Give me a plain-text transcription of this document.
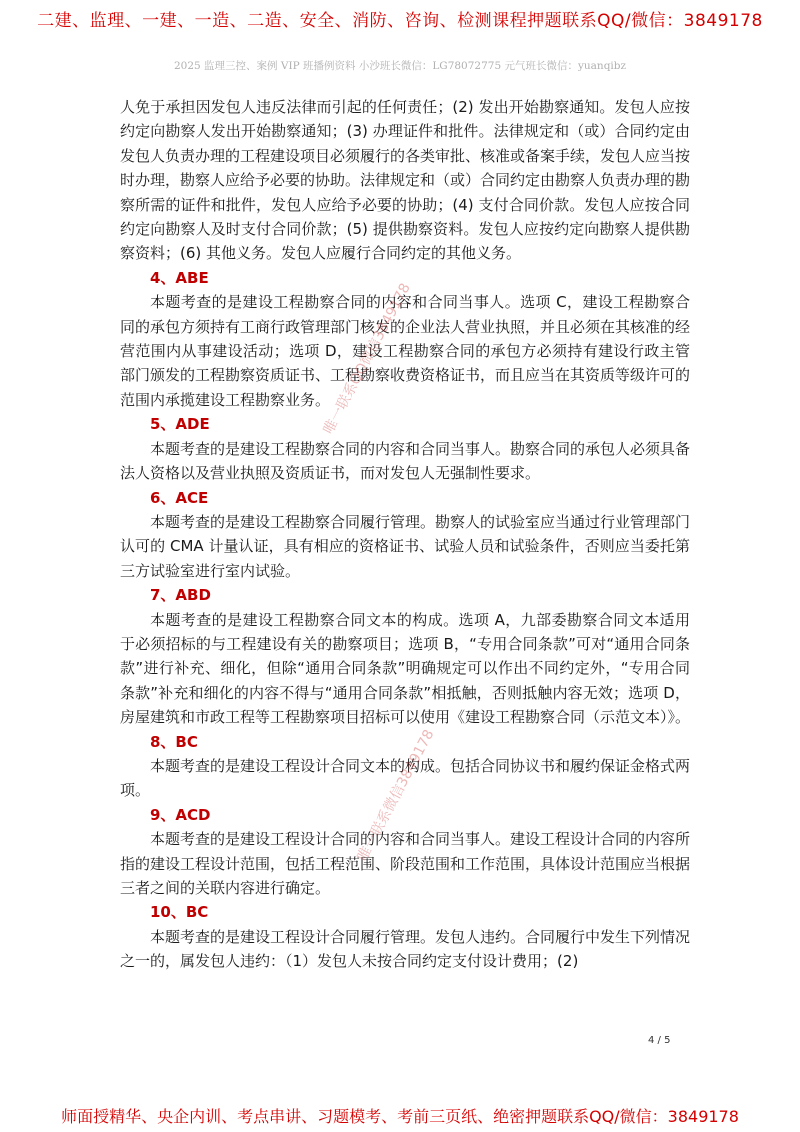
二建、监理、一建、一造、二造、安全、消防、咨询、检测课程押题联系QQ/微信：3849178
2025 监理三控、案例 VIP 班播例资料 小沙班长微信：LG78072775 元气班长微信：yuanqibz

人免于承担因发包人违反法律而引起的任何责任；(2) 发出开始勘察通知。发包人应按约定向勘察人发出开始勘察通知；(3) 办理证件和批件。法律规定和（或）合同约定由发包人负责办理的工程建设项目必须履行的各类审批、核准或备案手续，发包人应当按时办理，勘察人应给予必要的协助。法律规定和（或）合同约定由勘察人负责办理的勘察所需的证件和批件，发包人应给予必要的协助；(4) 支付合同价款。发包人应按合同约定向勘察人及时支付合同价款；(5) 提供勘察资料。发包人应按约定向勘察人提供勘察资料；(6) 其他义务。发包人应履行合同约定的其他义务。

4、ABE

本题考查的是建设工程勘察合同的内容和合同当事人。选项 C，建设工程勘察合同的承包方须持有工商行政管理部门核发的企业法人营业执照，并且必须在其核准的经营范围内从事建设活动；选项 D，建设工程勘察合同的承包方必须持有建设行政主管部门颁发的工程勘察资质证书、工程勘察收费资格证书，而且应当在其资质等级许可的范围内承揽建设工程勘察业务。

5、ADE

本题考查的是建设工程勘察合同的内容和合同当事人。勘察合同的承包人必须具备法人资格以及营业执照及资质证书，而对发包人无强制性要求。

6、ACE

本题考查的是建设工程勘察合同履行管理。勘察人的试验室应当通过行业管理部门认可的 CMA 计量认证，具有相应的资格证书、试验人员和试验条件，否则应当委托第三方试验室进行室内试验。

7、ABD

本题考查的是建设工程勘察合同文本的构成。选项 A，九部委勘察合同文本适用于必须招标的与工程建设有关的勘察项目；选项 B，“专用合同条款”可对“通用合同条款”进行补充、细化，但除“通用合同条款”明确规定可以作出不同约定外，“专用合同条款”补充和细化的内容不得与“通用合同条款”相抵触，否则抵触内容无效；选项 D，房屋建筑和市政工程等工程勘察项目招标可以使用《建设工程勘察合同（示范文本）》。

8、BC

本题考查的是建设工程设计合同文本的构成。包括合同协议书和履约保证金格式两项。

9、ACD

本题考查的是建设工程设计合同的内容和合同当事人。建设工程设计合同的内容所指的建设工程设计范围，包括工程范围、阶段范围和工作范围，具体设计范围应当根据三者之间的关联内容进行确定。

10、BC

本题考查的是建设工程设计合同履行管理。发包人违约。合同履行中发生下列情况之一的，属发包人违约：（1）发包人未按合同约定支付设计费用；(2)

唯一联系QQ微信3849178
唯一联系微信3849178
4 / 5
师面授精华、央企内训、考点串讲、习题模考、考前三页纸、绝密押题联系QQ/微信：3849178
